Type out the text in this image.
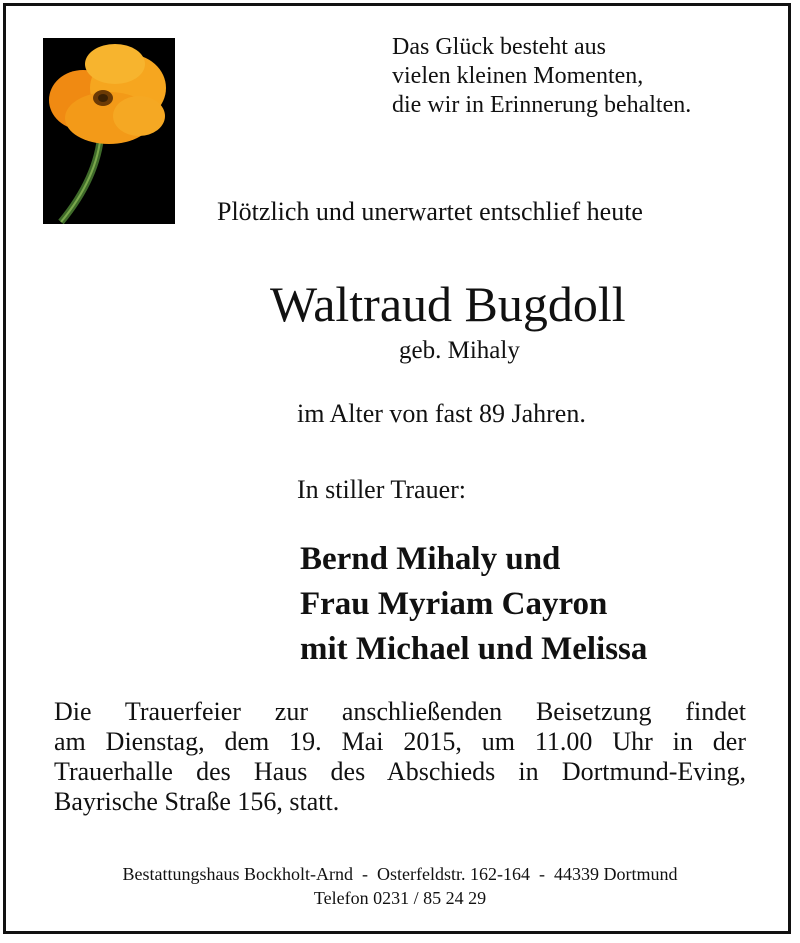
Das Glück besteht aus
vielen kleinen Momenten,
die wir in Erinnerung behalten.
Plötzlich und unerwartet entschlief heute
Waltraud Bugdoll
geb. Mihaly
im Alter von fast 89 Jahren.
In stiller Trauer:
Bernd Mihaly und
Frau Myriam Cayron
mit Michael und Melissa
Die Trauerfeier zur anschließenden Beisetzung findet
am Dienstag, dem 19. Mai 2015, um 11.00 Uhr in der
Trauerhalle des Haus des Abschieds in Dortmund-Eving,
Bayrische Straße 156, statt.
Bestattungshaus Bockholt-Arnd  -  Osterfeldstr. 162-164  -  44339 Dortmund
Telefon 0231 / 85 24 29
